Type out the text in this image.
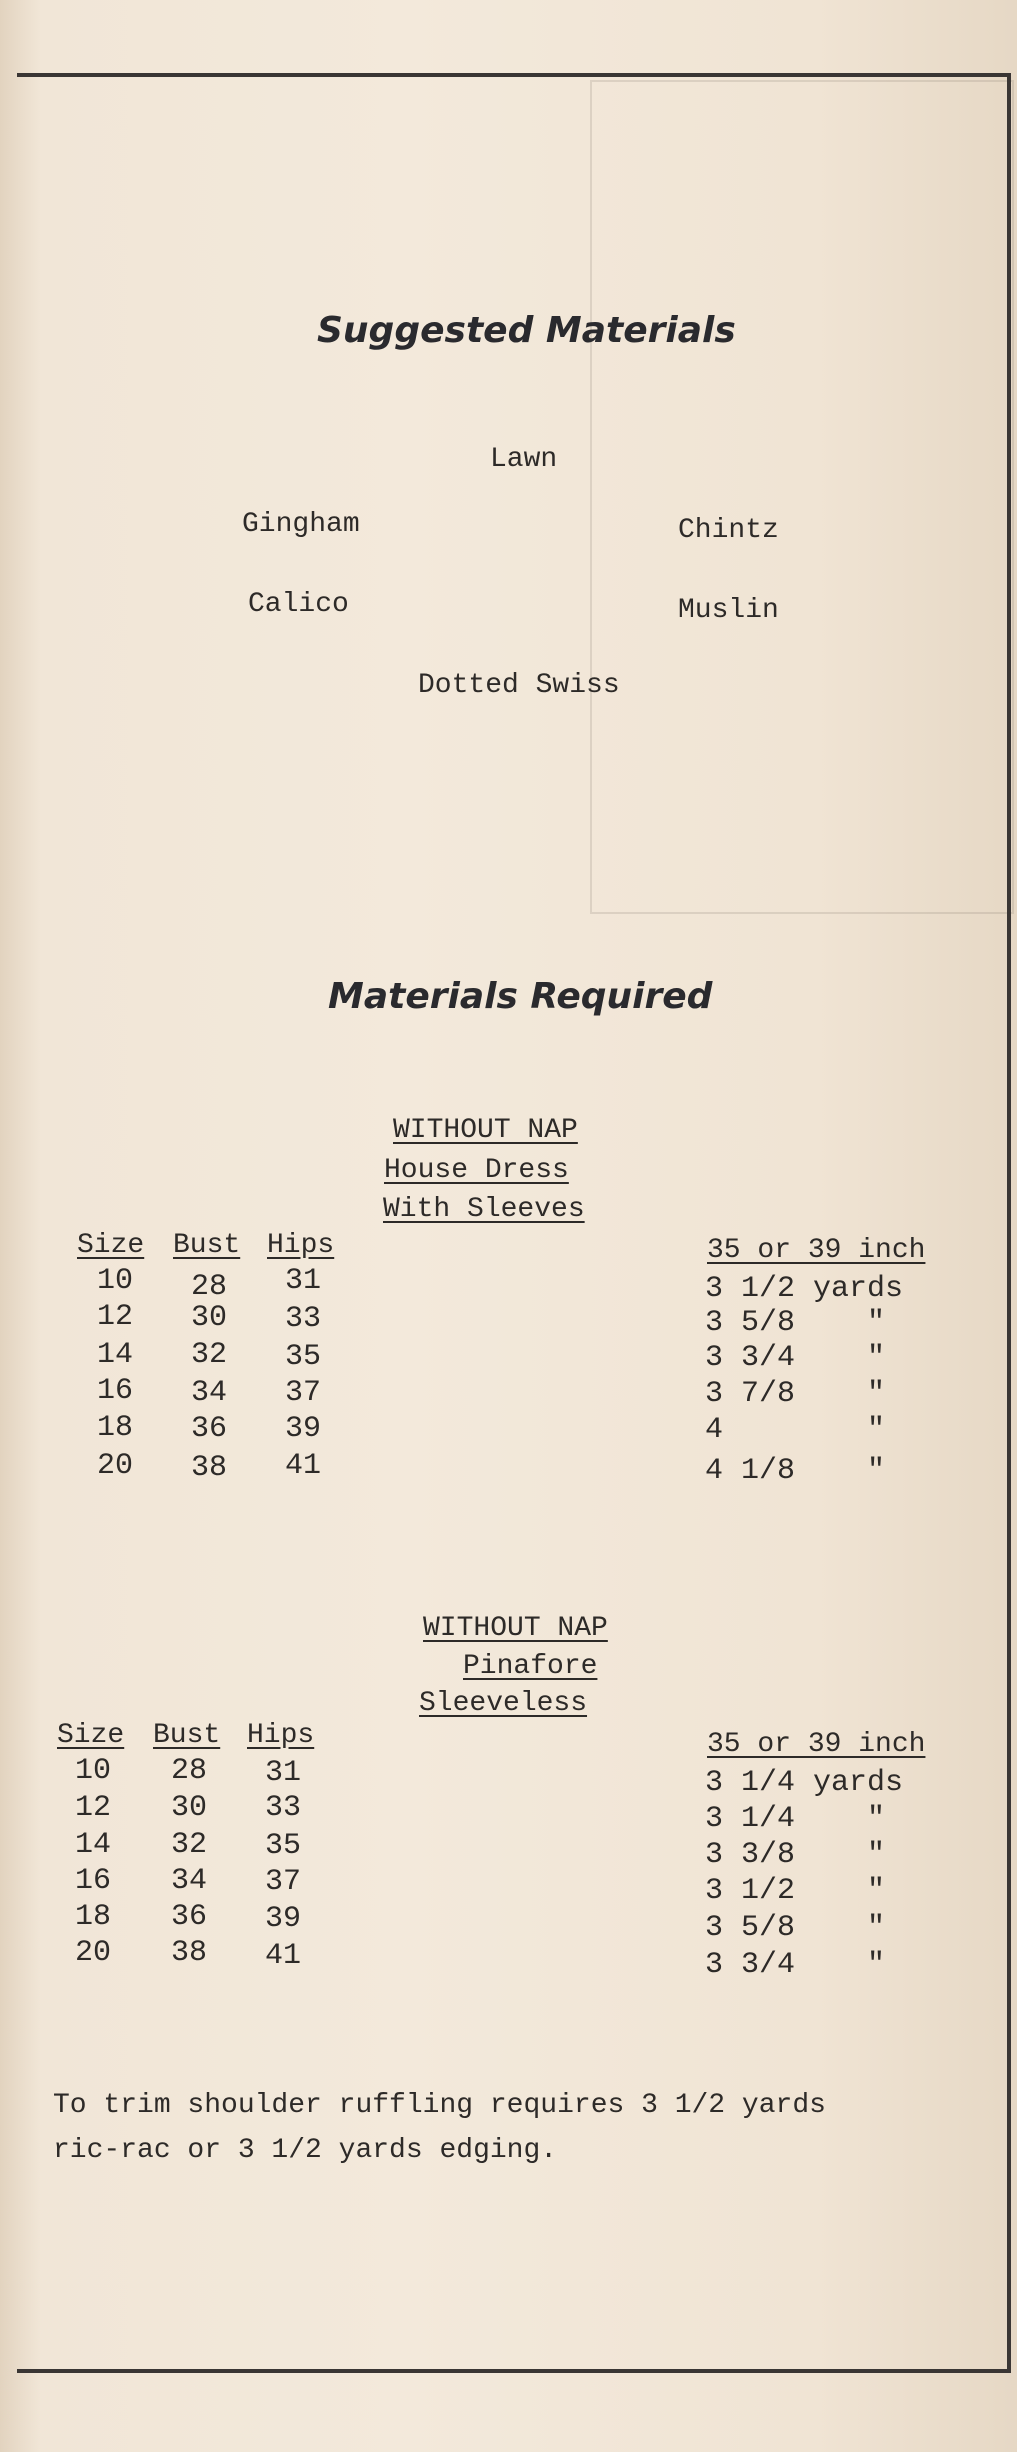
Suggested Materials
Lawn
Gingham	Chintz
Calico	Muslin
Dotted Swiss
Materials Required
WITHOUT NAP
House Dress
With Sleeves
Size Bust Hips	35 or 39 inch
10 28 31	3 1/2 yards
12 30 33	3 5/8    "
14 32 35	3 3/4    "
16 34 37	3 7/8    "
18 36 39	4        "
20 38 41	4 1/8    "
WITHOUT NAP
Pinafore
Sleeveless
Size Bust Hips	35 or 39 inch
10 28 31	3 1/4 yards
12 30 33	3 1/4    "
14 32 35	3 3/8    "
16 34 37	3 1/2    "
18 36 39	3 5/8    "
20 38 41	3 3/4    "
To trim shoulder ruffling requires 3 1/2 yards
ric-rac or 3 1/2 yards edging.
